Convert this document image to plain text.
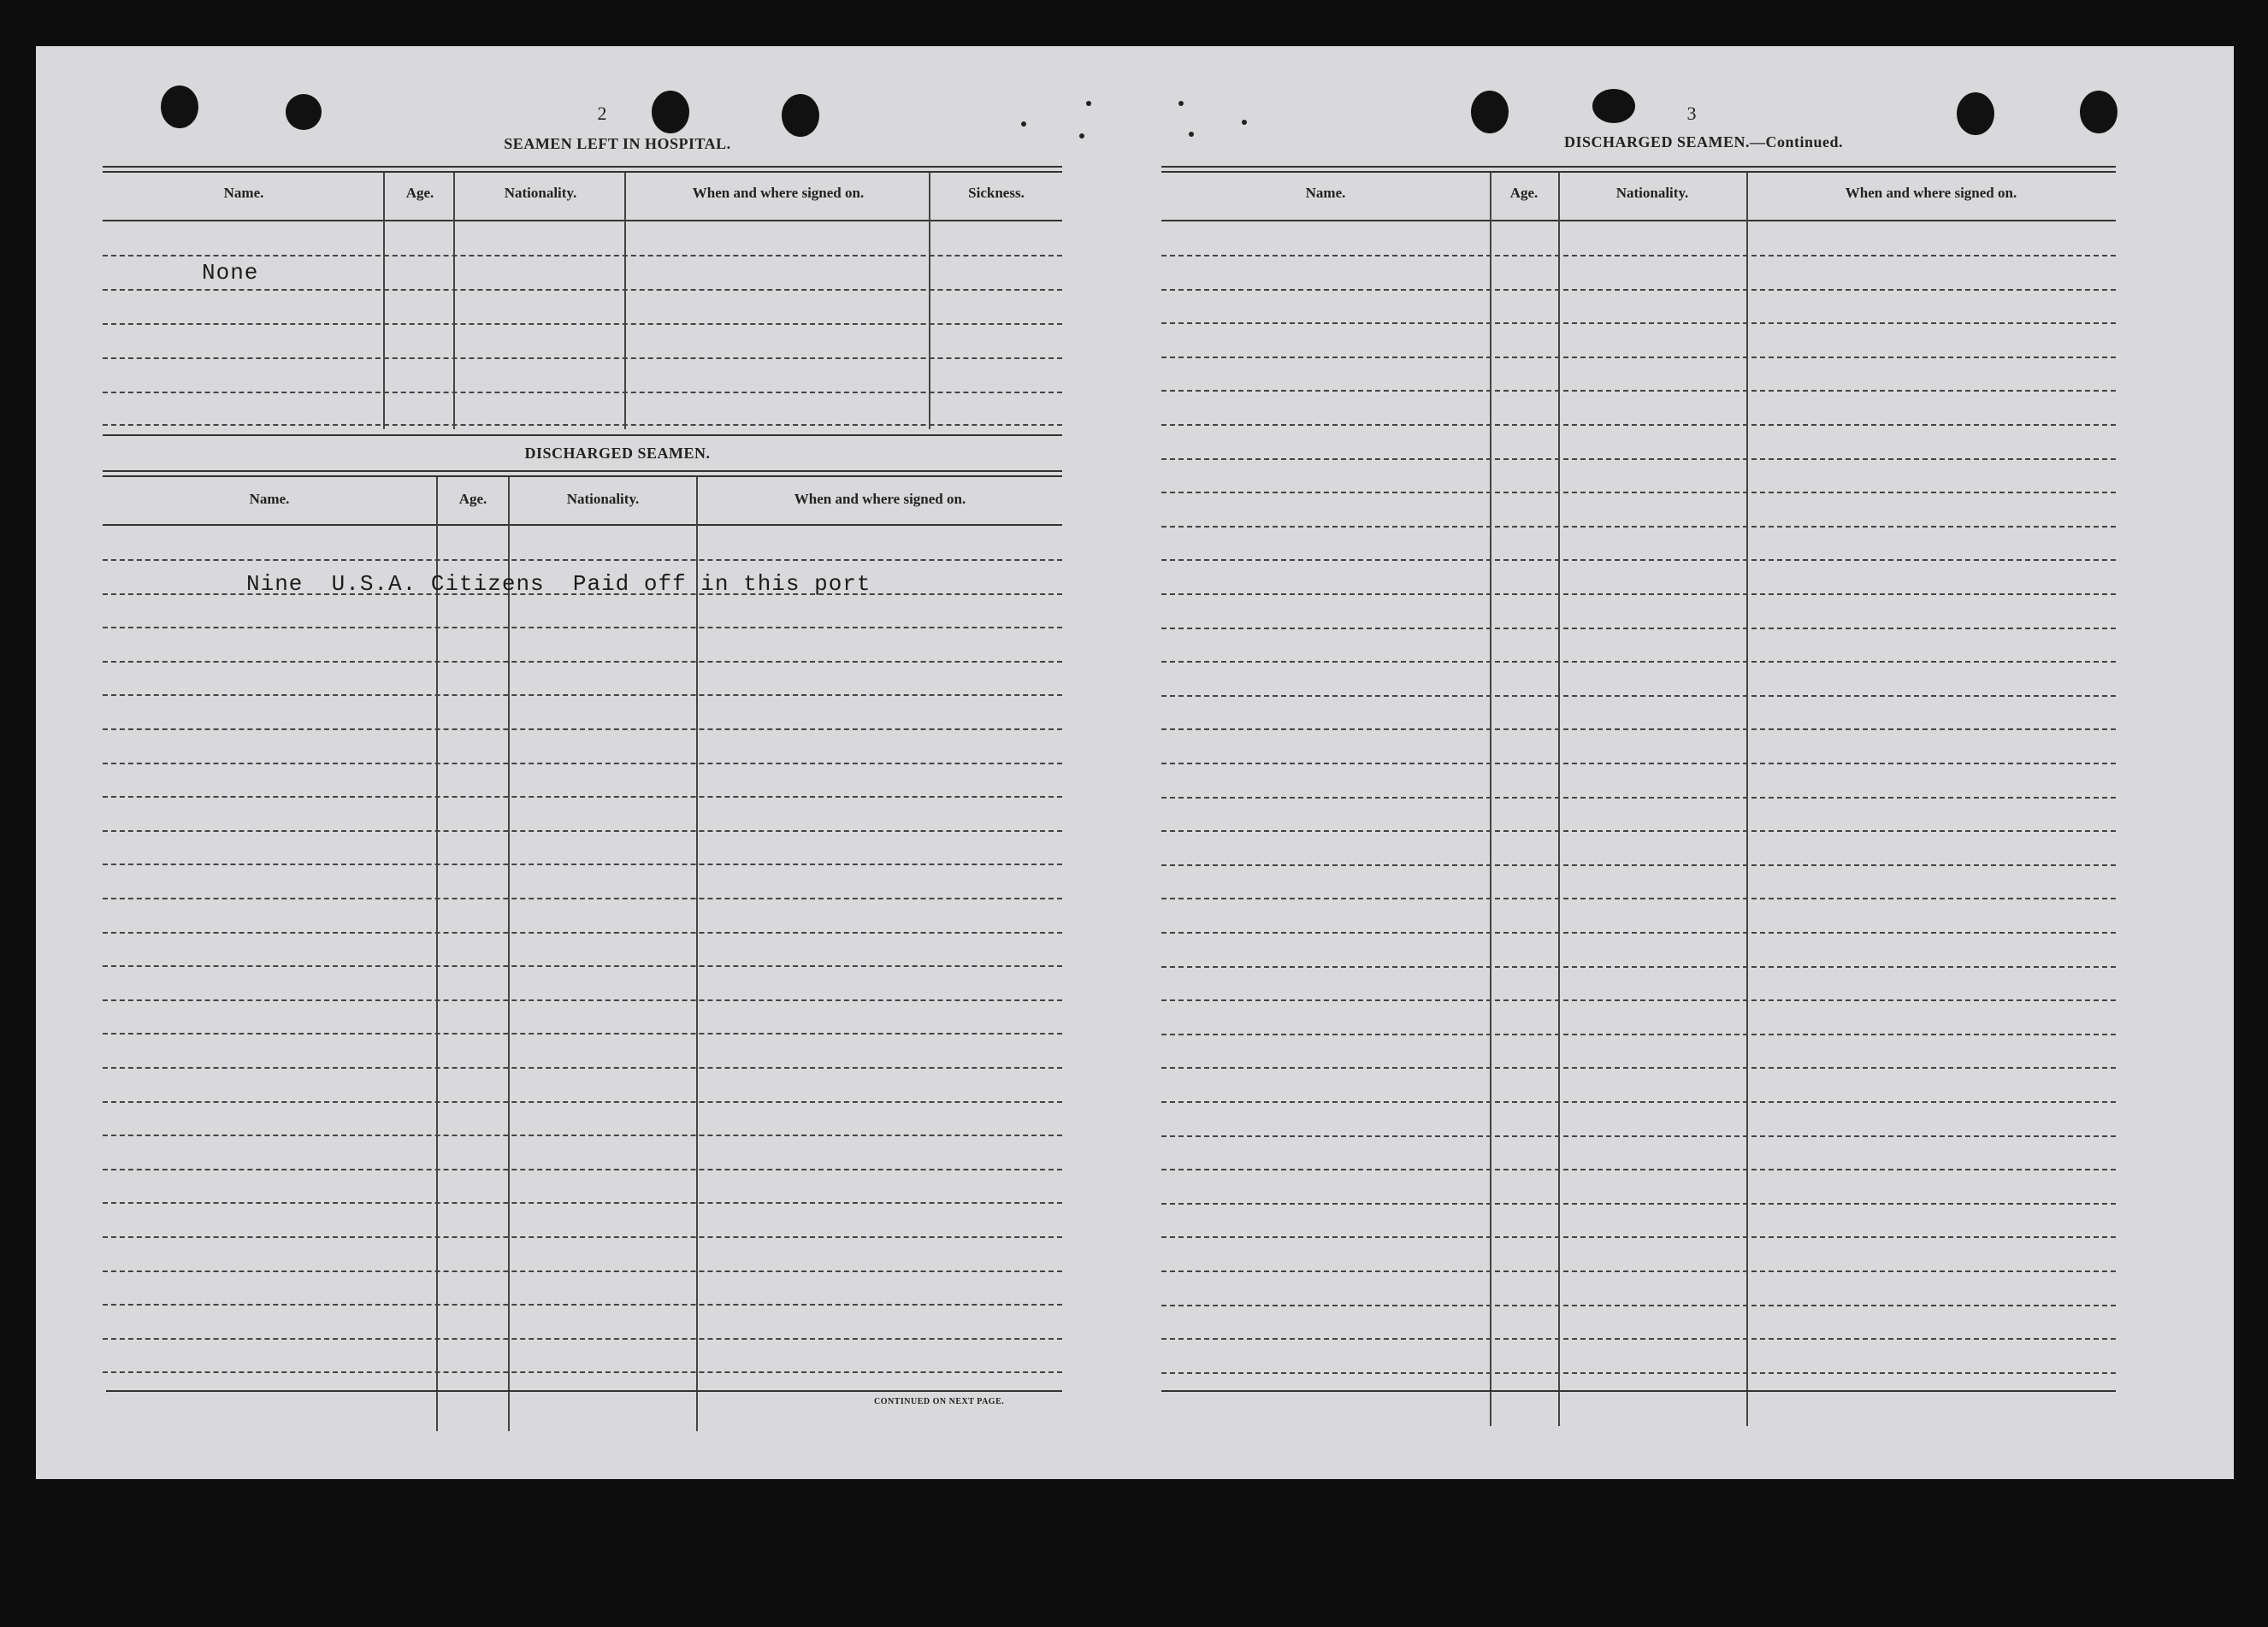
2
SEAMEN LEFT IN HOSPITAL.
Name.	Age.	Nationality.	When and where signed on.	Sickness.
None
DISCHARGED SEAMEN.
Name.	Age.	Nationality.	When and where signed on.
Nine  U.S.A. Citizens  Paid off in this port
CONTINUED ON NEXT PAGE.
3
DISCHARGED SEAMEN.—Continued.
Name.	Age.	Nationality.	When and where signed on.
